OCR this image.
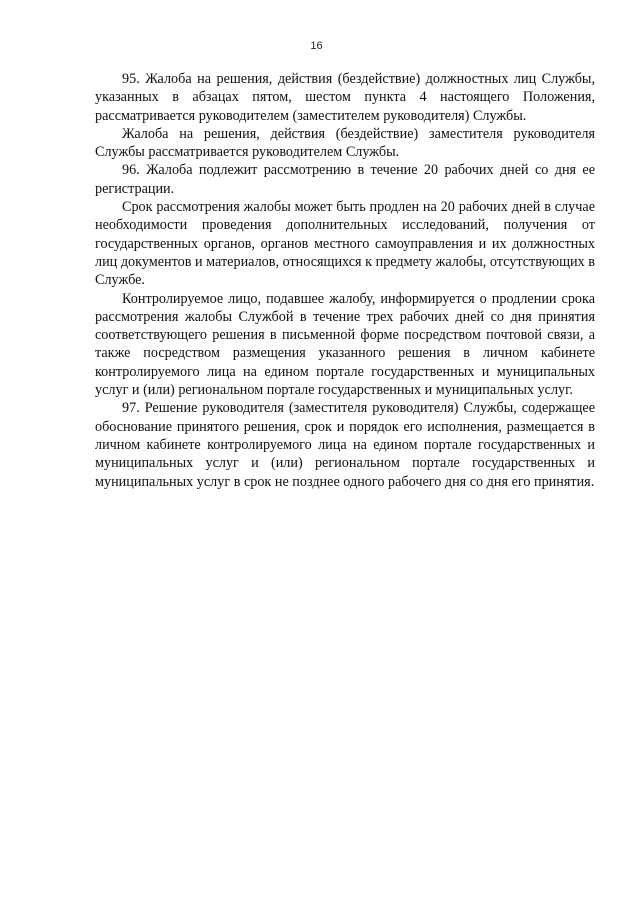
16

95. Жалоба на решения, действия (бездействие) должностных лиц Службы, указанных в абзацах пятом, шестом пункта 4 настоящего Положения, рассматривается руководителем (заместителем руководителя) Службы.

Жалоба на решения, действия (бездействие) заместителя руководителя Службы рассматривается руководителем Службы.

96. Жалоба подлежит рассмотрению в течение 20 рабочих дней со дня ее регистрации.

Срок рассмотрения жалобы может быть продлен на 20 рабочих дней в случае необходимости проведения дополнительных исследований, получения от государственных органов, органов местного самоуправления и их должностных лиц документов и материалов, относящихся к предмету жалобы, отсутствующих в Службе.

Контролируемое лицо, подавшее жалобу, информируется о продлении срока рассмотрения жалобы Службой в течение трех рабочих дней со дня принятия соответствующего решения в письменной форме посредством почтовой связи, а также посредством размещения указанного решения в личном кабинете контролируемого лица на едином портале государственных и муниципальных услуг и (или) региональном портале государственных и муниципальных услуг.

97. Решение руководителя (заместителя руководителя) Службы, содержащее обоснование принятого решения, срок и порядок его исполнения, размещается в личном кабинете контролируемого лица на едином портале государственных и муниципальных услуг и (или) региональном портале государственных и муниципальных услуг в срок не позднее одного рабочего дня со дня его принятия.
